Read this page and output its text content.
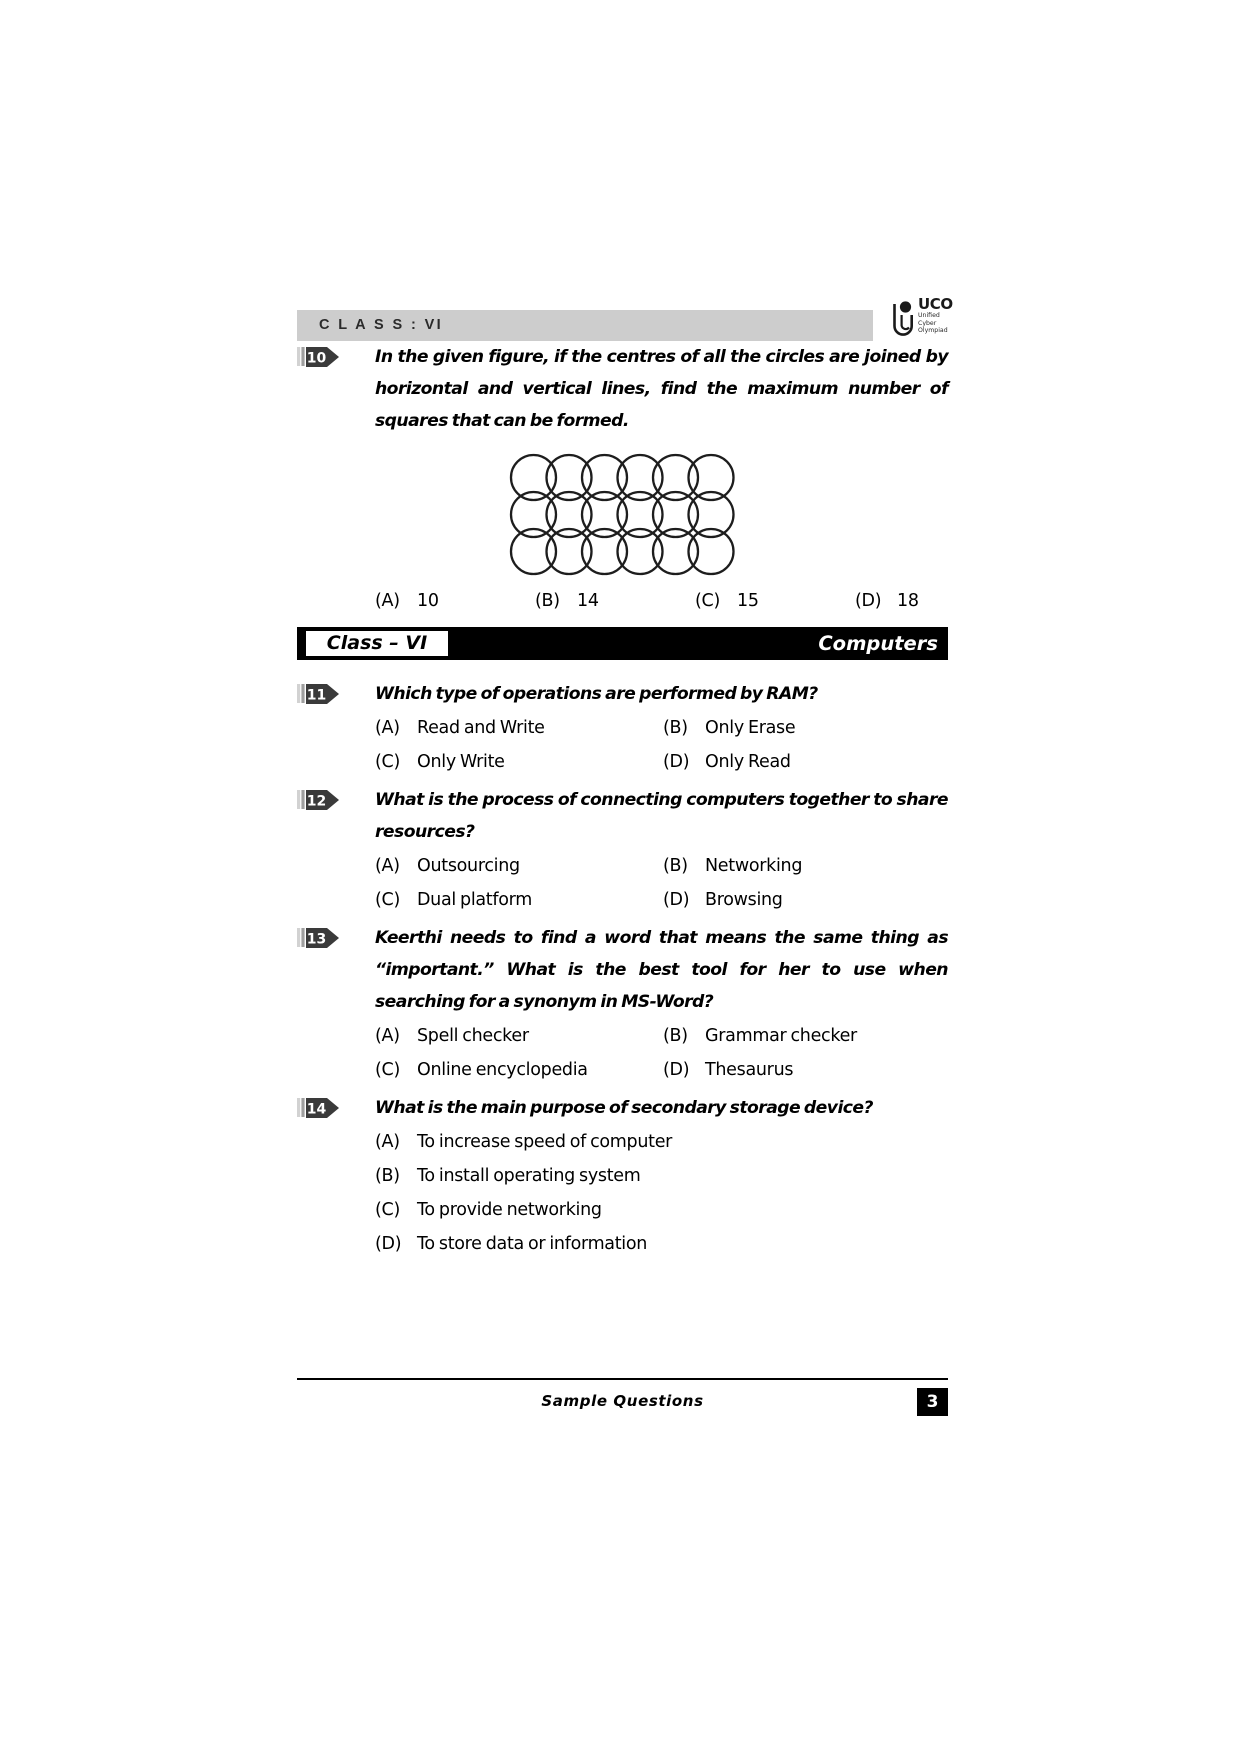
C L A S S : VI
10	In the given figure, if the centres of all the circles are joined by horizontal and vertical lines, find the maximum number of squares that can be formed.
(A) 10	(B) 14	(C) 15	(D) 18
Class – VI	Computers
11	Which type of operations are performed by RAM?
(A) Read and Write	(B) Only Erase
(C) Only Write	(D) Only Read
12	What is the process of connecting computers together to share resources?
(A) Outsourcing	(B) Networking
(C) Dual platform	(D) Browsing
13	Keerthi needs to find a word that means the same thing as “important.” What is the best tool for her to use when searching for a synonym in MS-Word?
(A) Spell checker	(B) Grammar checker
(C) Online encyclopedia	(D) Thesaurus
14	What is the main purpose of secondary storage device?
(A) To increase speed of computer
(B) To install operating system
(C) To provide networking
(D) To store data or information
UCO
Unified
Cyber
Olympiad
Sample Questions	3
